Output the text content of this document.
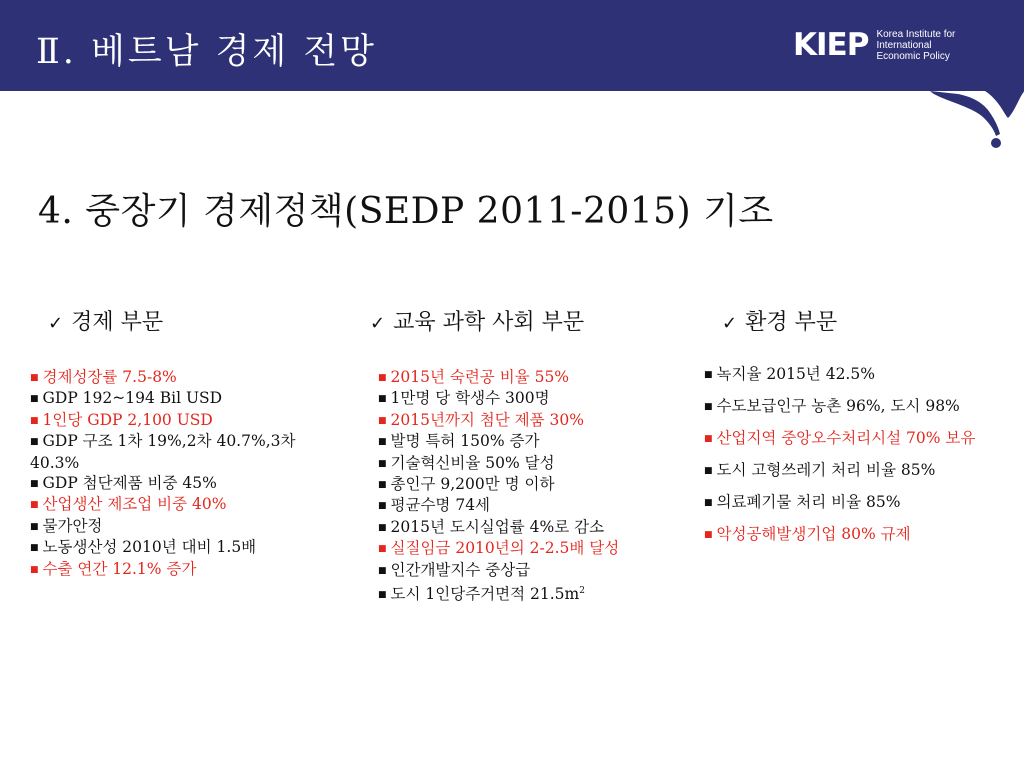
Ⅱ. 베트남 경제 전망	KIEP Korea Institute for International
Economic Policy
4. 중장기 경제정책(SEDP 2011-2015) 기조
✓ 경제 부문	✓ 교육 과학 사회 부문	✓ 환경 부문
■ 경제성장률 7.5-8%
■ GDP 192~194 Bil USD
■ 1인당 GDP 2,100 USD
■ GDP 구조 1차 19%,2차 40.7%,3차 40.3%
■ GDP 첨단제품 비중 45%
■ 산업생산 제조업 비중 40%
■ 물가안정
■ 노동생산성 2010년 대비 1.5배
■ 수출 연간 12.1% 증가
■ 2015년 숙련공 비율 55%
■ 1만명 당 학생수 300명
■ 2015년까지 첨단 제품 30%
■ 발명 특허 150% 증가
■ 기술혁신비율 50% 달성
■ 총인구 9,200만 명 이하
■ 평균수명 74세
■ 2015년 도시실업률 4%로 감소
■ 실질임금 2010년의 2-2.5배 달성
■ 인간개발지수 중상급
■ 도시 1인당주거면적 $21.5m^2$
■ 녹지율 2015년 42.5%
■ 수도보급인구 농촌 96%, 도시 98%
■ 산업지역 중앙오수처리시설 70% 보유
■ 도시 고형쓰레기 처리 비율 85%
■ 의료폐기물 처리 비율 85%
■ 악성공해발생기업 80% 규제
